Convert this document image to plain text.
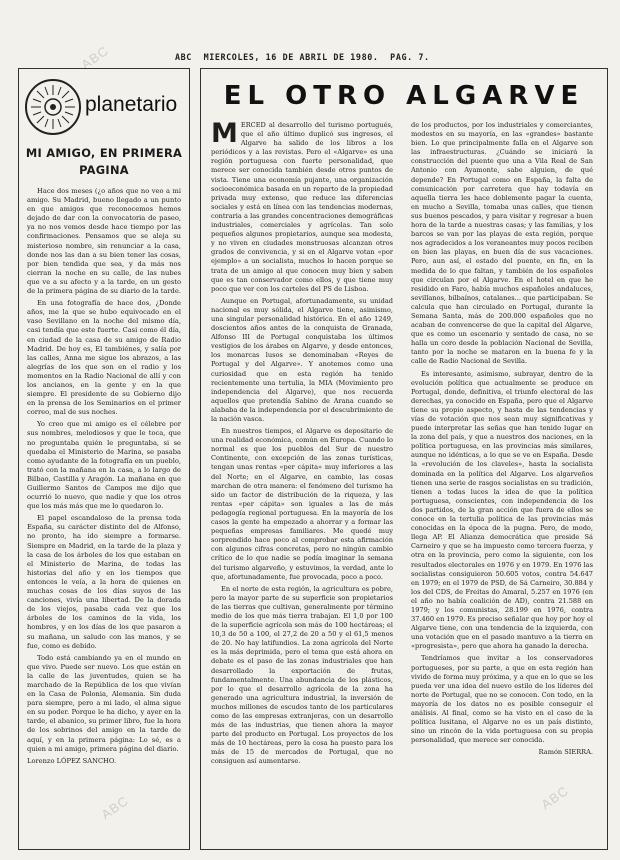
ABC MIERCOLES, 16 DE ABRIL DE 1980. PAG. 7.
ABC
ABC
ABC
planetario
MI AMIGO, EN PRIMERA PAGINA

Hace dos meses (¿o años que no veo a mi amigo. Su Madrid, bueno llegado a un punto en que amigos que reconocemos hemos dejado de dar con la convocatoria de paseo, ya no nos vemos desde hace tiempo por las confirmaciones. Pensamos que se aleja su misterioso nombre, sin renunciar a la casa, donde nos las dan a su bien tener las cosas, por bien tendida que sea, y da más nos cierran la noche en su calle, de las nubes que ve a su afecto y a la tarde, en un gesto de la primera página de su diario de la tarde.

En una fotografía de hace dos, ¿Donde años, me la que se hubo equivocado en el vaso Sevillano en la noche del mismo día, casi tendía que este fuerte. Casi como él día, en ciudad de la casa de su amigo de Radio Madrid. De hoy es, El tambiénes, y salía por las calles, Anna me sigue los abrazos, a las alegrías de los que son en el radio y los momentos en la Radio Nacional de allí y con los ancianos, en la gente y en la que siempre. El presidente de su Gobierno dijo en la prensa de los Seminarios en el primer correo, mal de sus noches.

Yo creo que mi amigo es el célebre por sus nombres, melodiosos y que le toca, que no preguntaba quién le preguntaba, si se quedaba el Ministerio de Marina, se pasaba como ayudante de la fotografía en un pueblo, trató con la mañana en la casa, a lo largo de Bilbao, Castilla y Aragón. La mañana en que Guillermo Santos de Campos me dijo que ocurrió lo nuevo, que nadie y que los otros que los más más que me lo quedaron lo.

El papel escandaloso de la prensa toda España, su carácter distinto del de Alfonso, no pronto, ha ido siempre a formarse. Siempre en Madrid, en la tarde de la plaza y la casa de los árboles de los que estaban en el Ministerio de Marina, de todas las historias del año y en los tiempos que entonces le veía, a la hora de quienes en muchas cosas de los días suyos de las canciones, vivía una libertad. De la dorada de los viejos, pasaba cada vez que los árboles de los caminos de la vida, los hombres, y en los días de los que pasaron a su mañana, un saludo con las manos, y se fue, como es debido.

Todo está cambiando ya en el mundo en que vivo. Puede ser nuevo. Los que están en la calle de las juventudes, quien se ha marchado de la República de los que vivían en la Casa de Polonia, Alemania. Sin duda para siempre, pero a mi lado, el alma sigue en su poder. Porque le ha dicho, y ayer en la tarde, el abanico, su primer libro, fue la hora de los sobrinos del amigo en la tarde de aquí, y en la primera página: Lo sé, es a quien a mi amigo, primera página del diario.

Lorenzo LÓPEZ SANCHO.

EL OTRO ALGARVE

MERCED al desarrollo del turismo portugués, que el año último duplicó sus ingresos, el Algarve ha salido de los libros a los periódicos y a las revistas. Pero el «Algarve» es una región portuguesa con fuerte personalidad, que merece ser conocida también desde otros puntos de vista. Tiene una economía pujante, una organización socioeconómica basada en un reparto de la propiedad privada muy extenso, que reduce las diferencias sociales y está en línea con las tendencias modernas, contraria a las grandes concentraciones demográficas industriales, comerciales y agrícolas. Tan solo pequeños algunos propietarios, aunque sea modesta, y no viven en ciudades monstruosas alcanzan otros grados de convivencia, y si en el Algarve votan «por ejemplo» a un socialista, muchos lo hacen porque se trata de un amigo al que conocen muy bien y saben que es tan conservador como ellos, y que tiene muy poco que ver con los carteles del PS de Lisboa.

Aunque en Portugal, afortunadamente, su unidad nacional es muy sólida, el Algarve tiene, asimismo, una singular personalidad histórica. En el año 1249, doscientos años antes de la conquista de Granada, Alfonso III de Portugal conquistaba los últimos vestigios de los árabes en Algarve, y desde entonces, los monarcas lusos se denominaban «Reyes de Portugal y del Algarve». Y anotemos como una curiosidad que en esta región ha tenido recientemente una tertulia, la MIA (Movimiento pro independencia del Algarve), que nos recuerda aquellos que pretendía Sabino de Arana cuando se alababa de la independencia por el descubrimiento de la nación vasca.

En nuestros tiempos, el Algarve es depositario de una realidad económica, común en Europa. Cuando lo normal es que los pueblos del Sur de nuestro Continente, con excepción de las zonas turísticas, tengan unas rentas «per cápita» muy inferiores a las del Norte; en el Algarve, en cambio, las cosas marchan de otra manera: el fenómeno del turismo ha sido un factor de distribución de la riqueza, y las rentas «per cápita» son iguales a las de más pedagogía regional portuguesa. En la mayoría de los casos la gente ha empezado a ahorrar y a formar las pequeñas empresas familiares. Me quedé muy sorprendido hace poco al comprobar esta afirmación con algunos cifras concretas, pero no ningún cambio crítico de lo que nadie se podía imaginar la semana del turismo algarveño, y estuvimos, la verdad, ante lo que, afortunadamente, fue provocada, poco a poco.

En el norte de esta región, la agricultura es pobre, pero la mayor parte de su superficie son propietarios de las tierras que cultivan, generalmente por término medio de los que más tierra trabajan. El 1,0 por 100 de la superficie agrícola son más de 100 hectáreas; el 10,3 de 50 a 100, el 27,2 de 20 a 50 y el 61,5 menos de 20. No hay latifundios. La zona agrícola del Norte es la más deprimida, pero el tema que está ahora en debate es el paso de las zonas industriales que han desarrollado la exportación de frutas, fundamentalmente. Una abundancia de los plásticos, por lo que el desarrollo agrícola de la zona ha generado una agricultura industrial, la inversión de muchos millones de escudos tanto de los particulares como de las empresas extranjeras, con un desarrollo más de las industrias, que tienen ahora la mayor parte del producto en Portugal. Los proyectos de los más de 10 hectáreas, pero la cosa ha puesto para los más de 15 de mercados de Portugal, que no consiguen así aumentarse.

de los productos, por los industriales y comerciantes, modestos en su mayoría, en las «grandes» bastante bien. Lo que principalmente falla en el Algarve son las infraestructuras. ¿Cuándo se iniciará la construcción del puente que una a Vila Real de San Antonio con Ayamonte, sabe alguien, de qué depende? En Portugal como en España, la falta de comunicación por carretera que hay todavía en aquella tierra les hace doblemente pagar la cuenta, en mucho a Sevilla, tomaba unas calles, que tienen sus buenos pescados, y para visitar y regresar a buen hora de la tarde a nuestras casas; y las familias, y los barcos se van por las playas de esta región, porque nos agradecidos a los veraneantes muy pocos reciben en bien las playas, en buen día de sus vacaciones. Pero, aun así, el estado del puente, en fin, en la medida de lo que faltan, y también de los españoles que circulan por el Algarve. En el hotel en que he residido en Faro, había muchos españoles andaluces, sevillanos, bilbaínos, catalanes... que participaban. Se calcula que han circulado en Portugal, durante la Semana Santa, más de 200.000 españoles que no acaban de convencerse de que la capital del Algarve, que es como un escenario y sentado de casa, no se halla un coro desde la población Nacional de Sevilla, tanto por la noche se mataron en la buena fe y la calle de Radio Nacional de Sevilla.

Es interesante, asimismo, subrayar, dentro de la evolución política que actualmente se produce en Portugal, donde, definitiva, el triunfo electoral de las derechas, ya conocido en España, pero que el Algarve tiene su propio aspecto, y hasta de las tendencias y vías de votación que nos sean muy significativas y puede interpretar las señas que han tenido lugar en la zona del país, y que a nuestros dos naciones, en la política portuguesa, en las provincias más similares, aunque no idénticas, a lo que se ve en España. Desde la «revolución de los claveles», hasta la socialista dominada en la política del Algarve. Los algarveños tienen una serie de rasgos socialistas en su tradición, tienen a todas luces la idea de que la política portuguesa, conscientes, con independencia de los dos partidos, de la gran acción que fuera de ellos se conoce en la tertulia política de las provincias más conocidas en la época de la pugna. Pero, de modo, llega AP. El Alianza democrática que preside Sá Carneiro y que se ha impuesto como tercera fuerza, y otra en la provincia, pero como la siguiente, con los resultados electorales en 1976 y en 1979. En 1976 las socialistas consiguieron 50.605 votos, contra 54.647 en 1979; en el 1979 de PSD, de Sá Carneiro, 30.884 y los del CDS, de Freitas do Amaral, 5.257 en 1976 (en el año no había coalición de AD), contra 21.588 en 1979; y los comunistas, 28.199 en 1976, contra 37.460 en 1979. Es preciso señalar que hoy por hoy el Algarve tiene, con una tendencia de la izquierda, con una votación que en el pasado mantuvo a la tierra en «progresista», pero que ahora ha ganado la derecha.

Tendríamos que invitar a los conservadores portugueses, por su parte, a que en esta región han vivido de forma muy próxima, y a que en lo que se les pueda ver una idea del nuevo estilo de los líderes del norte de Portugal, que no se conocen. Con todo, en la mayoría de los datos no es posible conseguir el análisis. Al final, como se ha visto en el caso de la política lusitana, el Algarve no es un país distinto, sino un rincón de la vida portuguesa con su propia personalidad, que merece ser conocida.

Ramón SIERRA.
